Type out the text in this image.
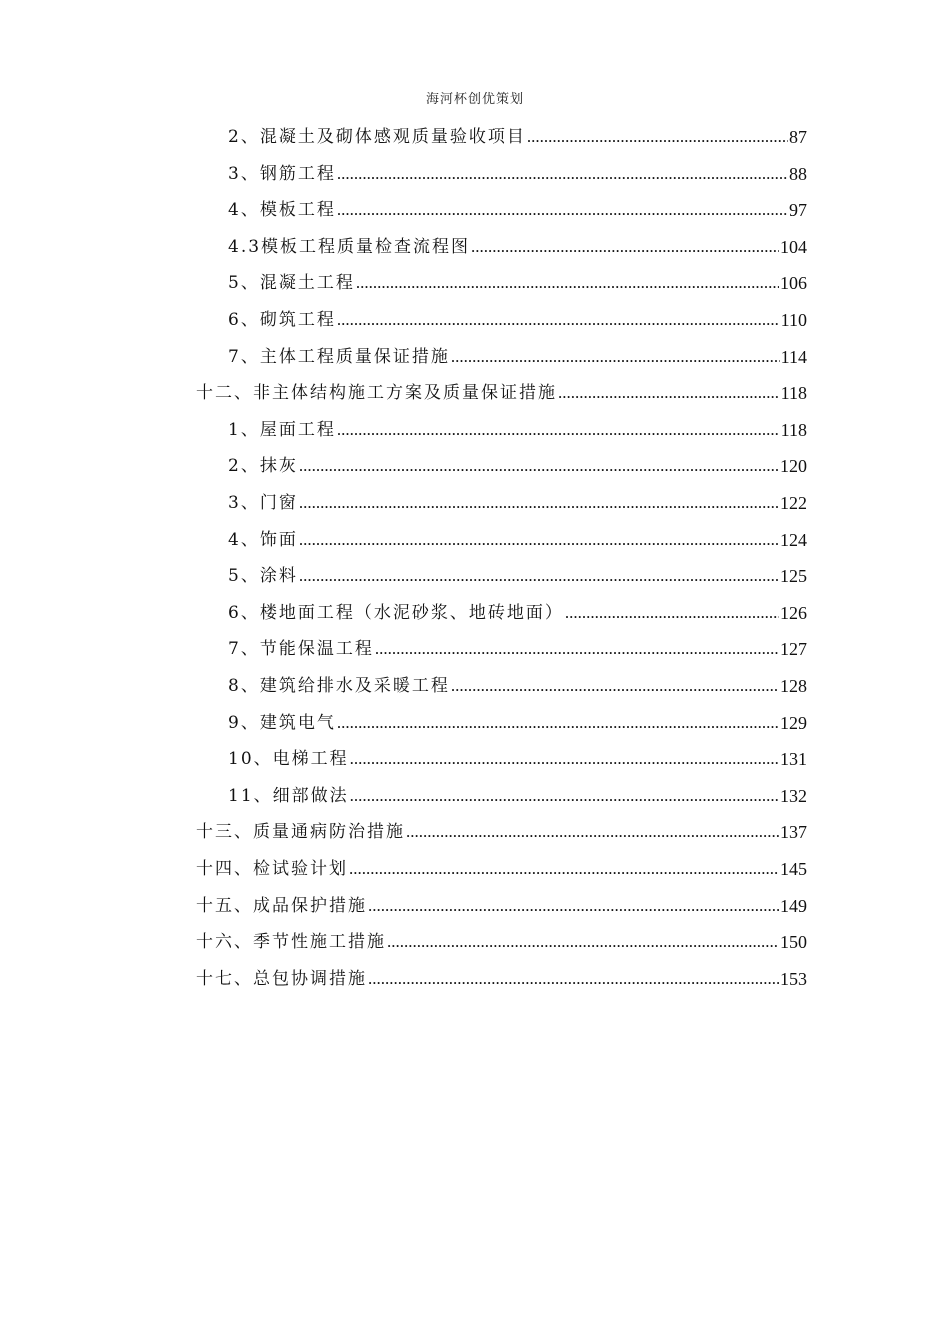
海河杯创优策划
2、混凝土及砌体感观质量验收项目 .....	87
3、钢筋工程 .....	88
4、模板工程 .....	97
4.3模板工程质量检查流程图 .....	104
5、混凝土工程 .....	106
6、砌筑工程 .....	110
7、主体工程质量保证措施 .....	114
十二、非主体结构施工方案及质量保证措施 .....	118
1、屋面工程 .....	118
2、抹灰 .....	120
3、门窗 .....	122
4、饰面 .....	124
5、涂料 .....	125
6、楼地面工程（水泥砂浆、地砖地面） .....	126
7、节能保温工程 .....	127
8、建筑给排水及采暖工程 .....	128
9、建筑电气 .....	129
10、电梯工程 .....	131
11、细部做法 .....	132
十三、质量通病防治措施 .....	137
十四、检试验计划 .....	145
十五、成品保护措施 .....	149
十六、季节性施工措施 .....	150
十七、总包协调措施 .....	153
